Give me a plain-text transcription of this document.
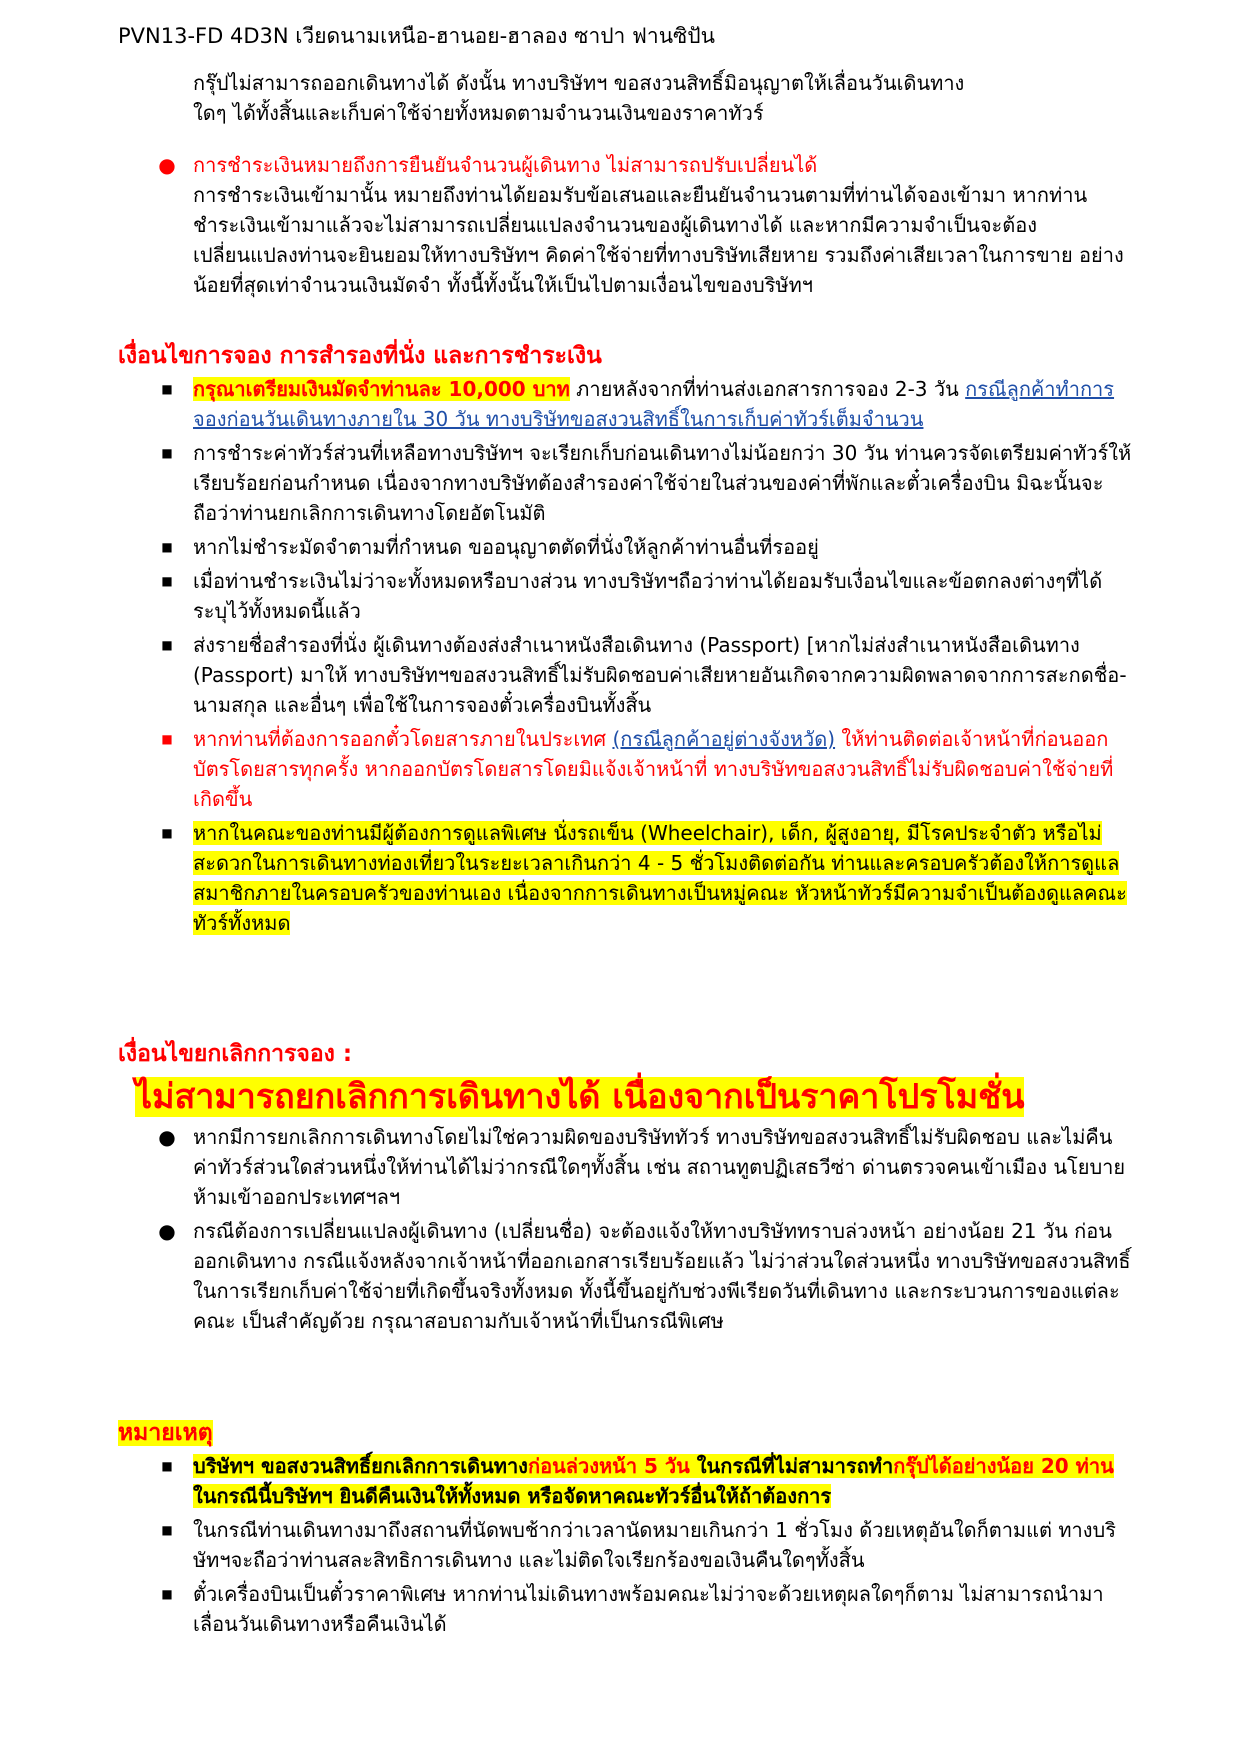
PVN13-FD 4D3N เวียดนามเหนือ-ฮานอย-ฮาลอง ซาปา ฟานซิปัน
กรุ๊ปไม่สามารถออกเดินทางได้ ดังนั้น ทางบริษัทฯ ขอสงวนสิทธิ์มิอนุญาตให้เลื่อนวันเดินทาง
ใดๆ ได้ทั้งสิ้นและเก็บค่าใช้จ่ายทั้งหมดตามจำนวนเงินของราคาทัวร์
● การชำระเงินหมายถึงการยืนยันจำนวนผู้เดินทาง ไม่สามารถปรับเปลี่ยนได้
การชำระเงินเข้ามานั้น หมายถึงท่านได้ยอมรับข้อเสนอและยืนยันจำนวนตามที่ท่านได้จองเข้ามา หากท่านชำระเงินเข้ามาแล้วจะไม่สามารถเปลี่ยนแปลงจำนวนของผู้เดินทางได้ และหากมีความจำเป็นจะต้องเปลี่ยนแปลงท่านจะยินยอมให้ทางบริษัทฯ คิดค่าใช้จ่ายที่ทางบริษัทเสียหาย รวมถึงค่าเสียเวลาในการขาย อย่างน้อยที่สุดเท่าจำนวนเงินมัดจำ ทั้งนี้ทั้งนั้นให้เป็นไปตามเงื่อนไขของบริษัทฯ
เงื่อนไขการจอง การสำรองที่นั่ง และการชำระเงิน
■ กรุณาเตรียมเงินมัดจำท่านละ 10,000 บาท ภายหลังจากที่ท่านส่งเอกสารการจอง 2-3 วัน กรณีลูกค้าทำการจองก่อนวันเดินทางภายใน 30 วัน ทางบริษัทขอสงวนสิทธิ์ในการเก็บค่าทัวร์เต็มจำนวน
■ การชำระค่าทัวร์ส่วนที่เหลือทางบริษัทฯ จะเรียกเก็บก่อนเดินทางไม่น้อยกว่า 30 วัน ท่านควรจัดเตรียมค่าทัวร์ให้เรียบร้อยก่อนกำหนด เนื่องจากทางบริษัทต้องสำรองค่าใช้จ่ายในส่วนของค่าที่พักและตั๋วเครื่องบิน มิฉะนั้นจะถือว่าท่านยกเลิกการเดินทางโดยอัตโนมัติ
■ หากไม่ชำระมัดจำตามที่กำหนด ขออนุญาตตัดที่นั่งให้ลูกค้าท่านอื่นที่รออยู่
■ เมื่อท่านชำระเงินไม่ว่าจะทั้งหมดหรือบางส่วน ทางบริษัทฯถือว่าท่านได้ยอมรับเงื่อนไขและข้อตกลงต่างๆที่ได้ระบุไว้ทั้งหมดนี้แล้ว
■ ส่งรายชื่อสำรองที่นั่ง ผู้เดินทางต้องส่งสำเนาหนังสือเดินทาง (Passport) [หากไม่ส่งสำเนาหนังสือเดินทาง (Passport) มาให้ ทางบริษัทฯขอสงวนสิทธิ์ไม่รับผิดชอบค่าเสียหายอันเกิดจากความผิดพลาดจากการสะกดชื่อ-นามสกุล และอื่นๆ เพื่อใช้ในการจองตั๋วเครื่องบินทั้งสิ้น
■ หากท่านที่ต้องการออกตั๋วโดยสารภายในประเทศ (กรณีลูกค้าอยู่ต่างจังหวัด) ให้ท่านติดต่อเจ้าหน้าที่ก่อนออกบัตรโดยสารทุกครั้ง หากออกบัตรโดยสารโดยมิแจ้งเจ้าหน้าที่ ทางบริษัทขอสงวนสิทธิ์ไม่รับผิดชอบค่าใช้จ่ายที่เกิดขึ้น
■ หากในคณะของท่านมีผู้ต้องการดูแลพิเศษ นั่งรถเข็น (Wheelchair), เด็ก, ผู้สูงอายุ, มีโรคประจำตัว หรือไม่สะดวกในการเดินทางท่องเที่ยวในระยะเวลาเกินกว่า 4 - 5 ชั่วโมงติดต่อกัน ท่านและครอบครัวต้องให้การดูแลสมาชิกภายในครอบครัวของท่านเอง เนื่องจากการเดินทางเป็นหมู่คณะ หัวหน้าทัวร์มีความจำเป็นต้องดูแลคณะทัวร์ทั้งหมด
เงื่อนไขยกเลิกการจอง :
ไม่สามารถยกเลิกการเดินทางได้ เนื่องจากเป็นราคาโปรโมชั่น
● หากมีการยกเลิกการเดินทางโดยไม่ใช่ความผิดของบริษัททัวร์ ทางบริษัทขอสงวนสิทธิ์ไม่รับผิดชอบ และไม่คืนค่าทัวร์ส่วนใดส่วนหนึ่งให้ท่านได้ไม่ว่ากรณีใดๆทั้งสิ้น เช่น สถานทูตปฏิเสธวีซ่า ด่านตรวจคนเข้าเมือง นโยบายห้ามเข้าออกประเทศฯลฯ
● กรณีต้องการเปลี่ยนแปลงผู้เดินทาง (เปลี่ยนชื่อ) จะต้องแจ้งให้ทางบริษัททราบล่วงหน้า อย่างน้อย 21 วัน ก่อนออกเดินทาง กรณีแจ้งหลังจากเจ้าหน้าที่ออกเอกสารเรียบร้อยแล้ว ไม่ว่าส่วนใดส่วนหนึ่ง ทางบริษัทขอสงวนสิทธิ์ในการเรียกเก็บค่าใช้จ่ายที่เกิดขึ้นจริงทั้งหมด ทั้งนี้ขึ้นอยู่กับช่วงพีเรียดวันที่เดินทาง และกระบวนการของแต่ละคณะ เป็นสำคัญด้วย กรุณาสอบถามกับเจ้าหน้าที่เป็นกรณีพิเศษ
หมายเหตุ
■ บริษัทฯ ขอสงวนสิทธิ์ยกเลิกการเดินทางก่อนล่วงหน้า 5 วัน ในกรณีที่ไม่สามารถทำกรุ๊ปได้อย่างน้อย 20 ท่าน ในกรณีนี้บริษัทฯ ยินดีคืนเงินให้ทั้งหมด หรือจัดหาคณะทัวร์อื่นให้ถ้าต้องการ
■ ในกรณีท่านเดินทางมาถึงสถานที่นัดพบช้ากว่าเวลานัดหมายเกินกว่า 1 ชั่วโมง ด้วยเหตุอันใดก็ตามแต่ ทางบริษัทฯจะถือว่าท่านสละสิทธิการเดินทาง และไม่ติดใจเรียกร้องขอเงินคืนใดๆทั้งสิ้น
■ ตั๋วเครื่องบินเป็นตั๋วราคาพิเศษ หากท่านไม่เดินทางพร้อมคณะไม่ว่าจะด้วยเหตุผลใดๆก็ตาม ไม่สามารถนำมาเลื่อนวันเดินทางหรือคืนเงินได้
